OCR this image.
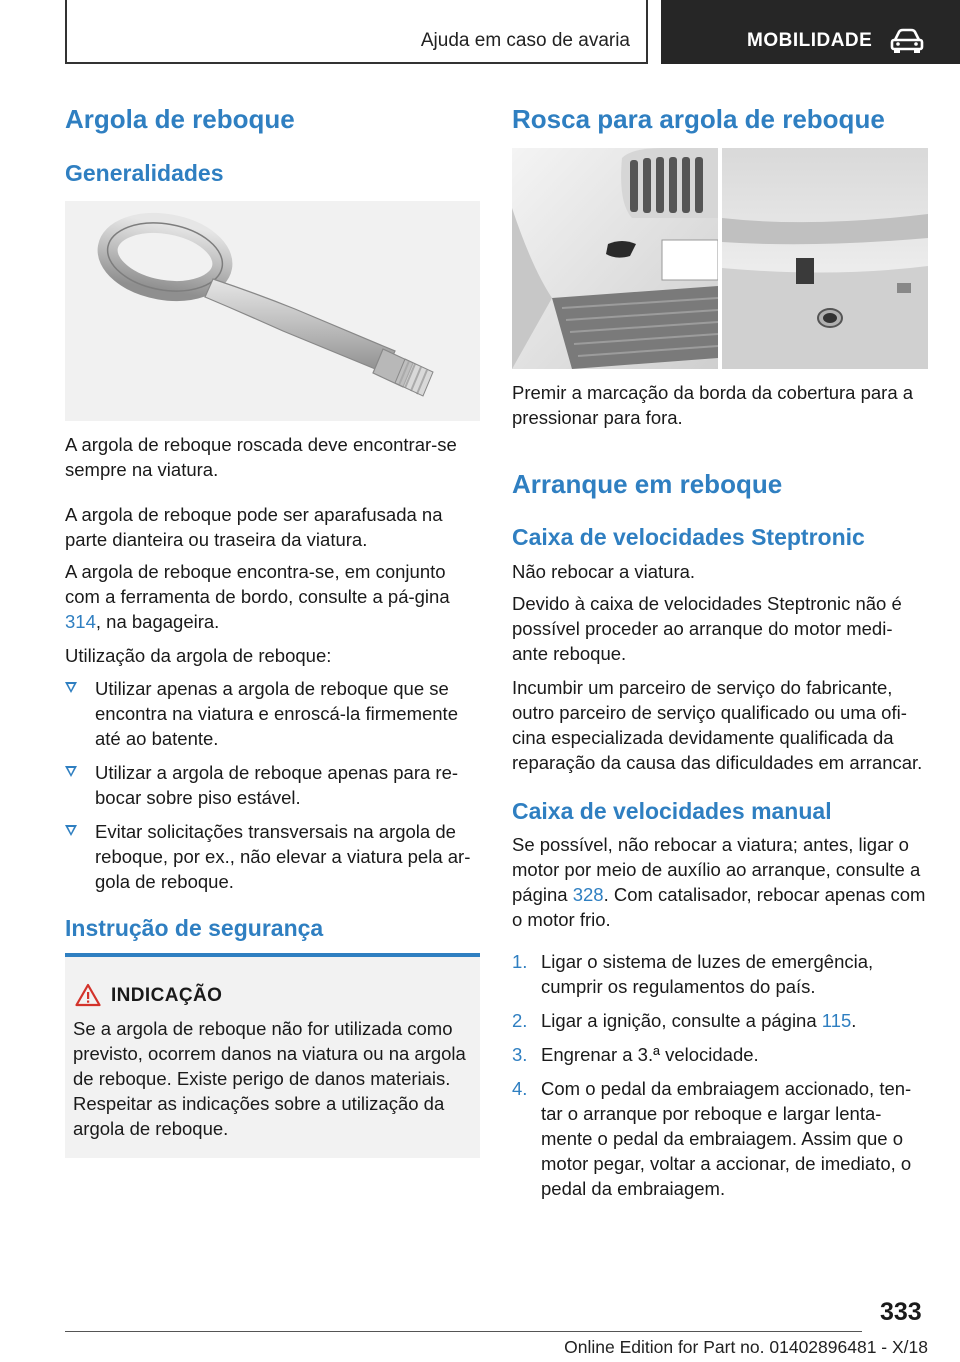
Ajuda em caso de avaria	MOBILIDADE
Argola de reboque
Generalidades

A argola de reboque roscada deve encontrar-se sempre na viatura.

A argola de reboque pode ser aparafusada na parte dianteira ou traseira da viatura.

A argola de reboque encontra-se, em conjunto com a ferramenta de bordo, consulte a pá-gina 314, na bagageira.

Utilização da argola de reboque:

Utilizar apenas a argola de reboque que se encontra na viatura e enroscá-la firmemente até ao batente.
Utilizar a argola de reboque apenas para re-bocar sobre piso estável.
Evitar solicitações transversais na argola de reboque, por ex., não elevar a viatura pela ar-gola de reboque.
Instrução de segurança
INDICAÇÃO

Se a argola de reboque não for utilizada como previsto, ocorrem danos na viatura ou na argola de reboque. Existe perigo de danos materiais. Respeitar as indicações sobre a utilização da argola de reboque.

Rosca para argola de reboque

Premir a marcação da borda da cobertura para a pressionar para fora.

Arranque em reboque
Caixa de velocidades Steptronic

Não rebocar a viatura.

Devido à caixa de velocidades Steptronic não é possível proceder ao arranque do motor medi-ante reboque.

Incumbir um parceiro de serviço do fabricante, outro parceiro de serviço qualificado ou uma ofi-cina especializada devidamente qualificada da reparação da causa das dificuldades em arrancar.

Caixa de velocidades manual

Se possível, não rebocar a viatura; antes, ligar o motor por meio de auxílio ao arranque, consulte a página 328. Com catalisador, rebocar apenas com o motor frio.

1. Ligar o sistema de luzes de emergência, cumprir os regulamentos do país.
2. Ligar a ignição, consulte a página 115.
3. Engrenar a 3.ª velocidade.
4. Com o pedal da embraiagem accionado, ten-tar o arranque por reboque e largar lenta-mente o pedal da embraiagem. Assim que o motor pegar, voltar a accionar, de imediato, o pedal da embraiagem.
333
Online Edition for Part no. 01402896481 - X/18
